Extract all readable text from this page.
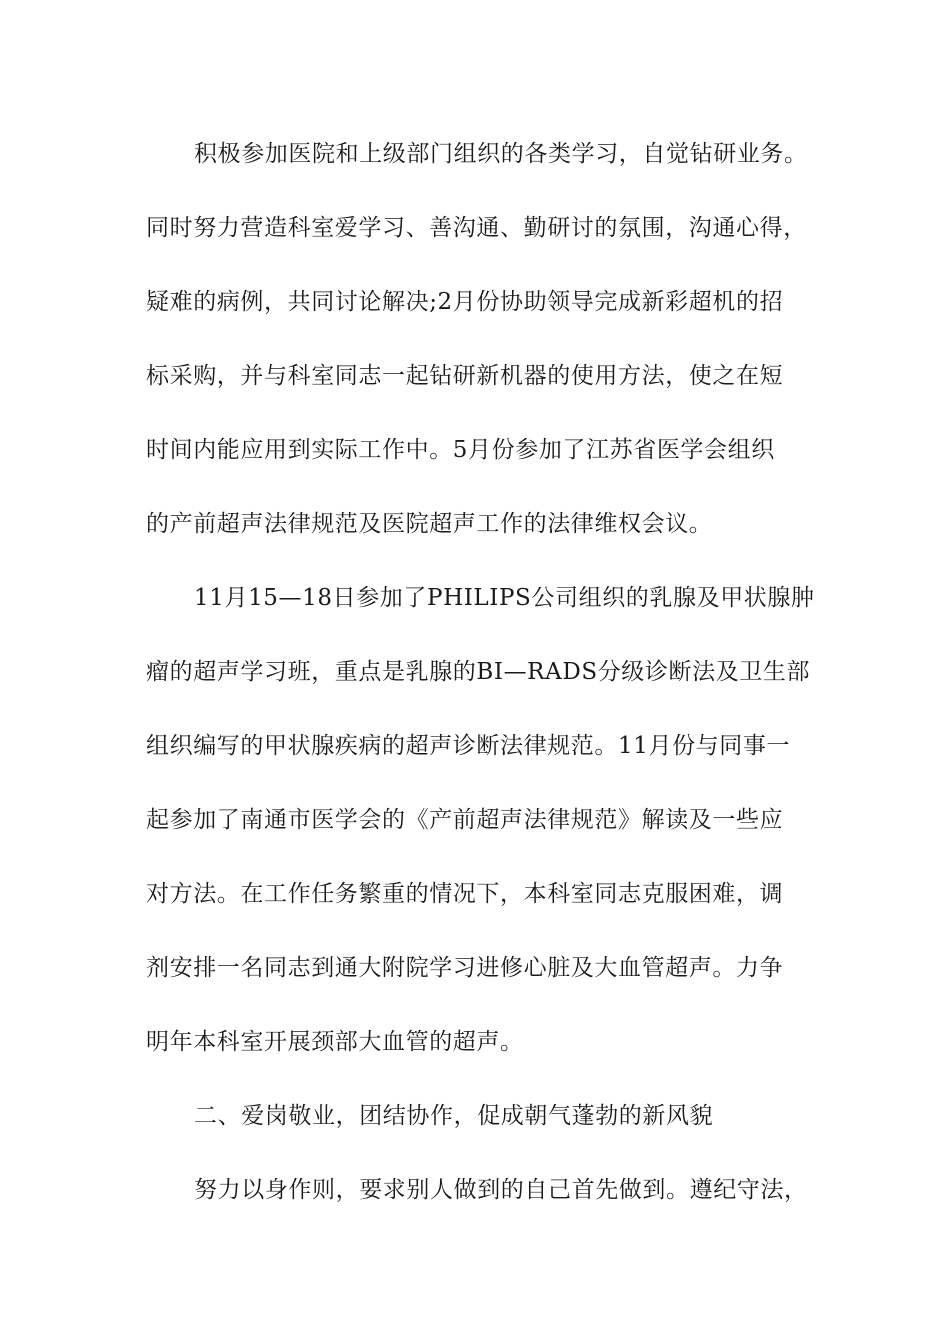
积极参加医院和上级部门组织的各类学习，自觉钻研业务。

同时努力营造科室爱学习、善沟通、勤研讨的氛围，沟通心得，

疑难的病例，共同讨论解决;2月份协助领导完成新彩超机的招

标采购，并与科室同志一起钻研新机器的使用方法，使之在短

时间内能应用到实际工作中。5月份参加了江苏省医学会组织

的产前超声法律规范及医院超声工作的法律维权会议。

11月15—18日参加了PHILIPS公司组织的乳腺及甲状腺肿

瘤的超声学习班，重点是乳腺的BI—RADS分级诊断法及卫生部

组织编写的甲状腺疾病的超声诊断法律规范。11月份与同事一

起参加了南通市医学会的《产前超声法律规范》解读及一些应

对方法。在工作任务繁重的情况下，本科室同志克服困难，调

剂安排一名同志到通大附院学习进修心脏及大血管超声。力争

明年本科室开展颈部大血管的超声。

二、爱岗敬业，团结协作，促成朝气蓬勃的新风貌

努力以身作则，要求别人做到的自己首先做到。遵纪守法，
